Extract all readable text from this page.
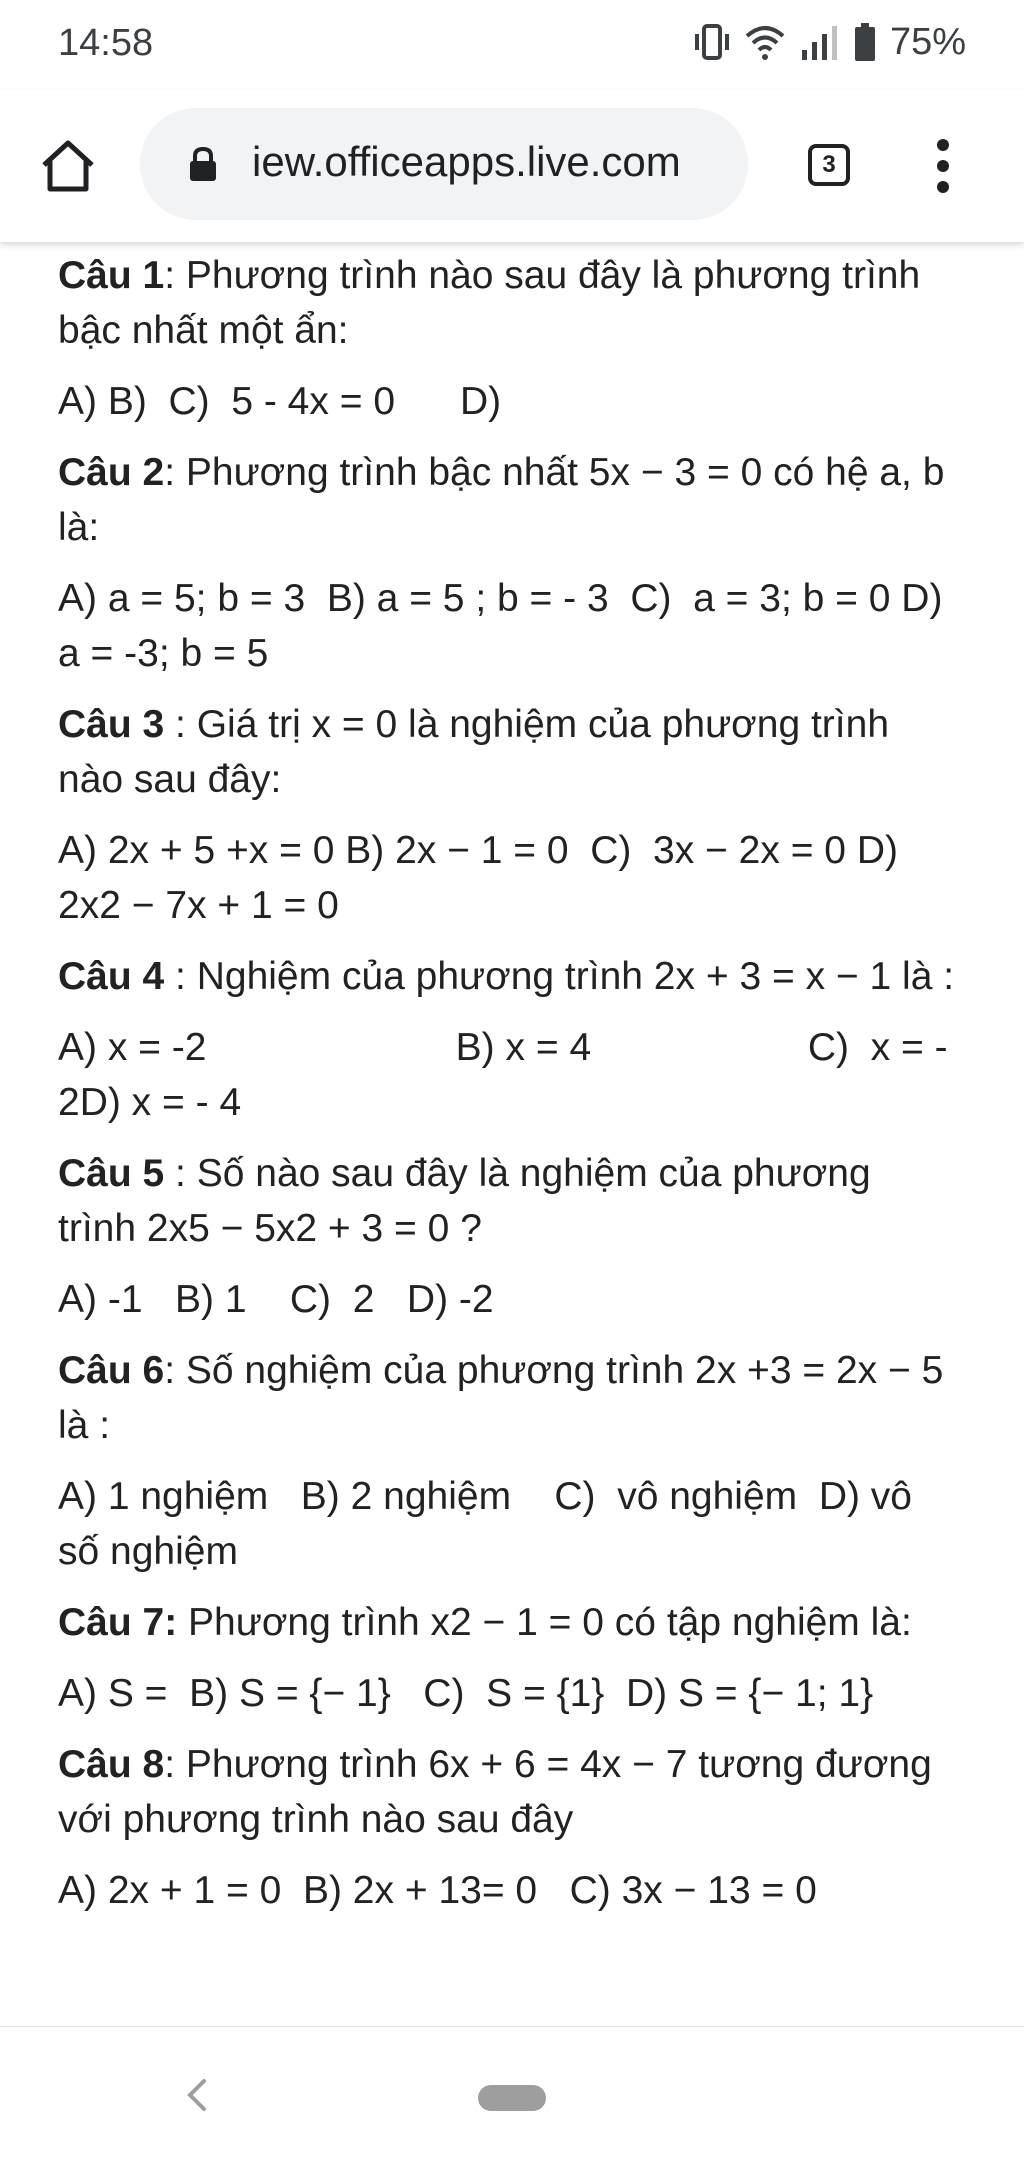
14:58	75%
iew.officeapps.live.com	3

Câu 1: Phương trình nào sau đây là phương trình bậc nhất một ẩn:

A) B)  C)  5 - 4x = 0      D)

Câu 2: Phương trình bậc nhất 5x − 3 = 0 có hệ a, b là:

A) a = 5; b = 3  B) a = 5 ; b = - 3  C)  a = 3; b = 0 D) a = -3; b = 5

Câu 3 : Giá trị x = 0 là nghiệm của phương trình nào sau đây:

A) 2x + 5 +x = 0 B) 2x − 1 = 0  C)  3x − 2x = 0 D) 2x2 − 7x + 1 = 0

Câu 4 : Nghiệm của phương trình 2x + 3 = x − 1 là :

A) x = -2                       B) x = 4                    C)  x = - 2D) x = - 4

Câu 5 : Số nào sau đây là nghiệm của phương trình 2x5 − 5x2 + 3 = 0 ?

A) -1   B) 1    C)  2   D) -2

Câu 6: Số nghiệm của phương trình 2x +3 = 2x − 5 là :

A) 1 nghiệm   B) 2 nghiệm    C)  vô nghiệm  D) vô số nghiệm

Câu 7: Phương trình x2 − 1 = 0 có tập nghiệm là:

A) S =  B) S = {− 1}   C)  S = {1}  D) S = {− 1; 1}

Câu 8: Phương trình 6x + 6 = 4x − 7 tương đương với phương trình nào sau đây

A) 2x + 1 = 0  B) 2x + 13= 0   C) 3x − 13 = 0
